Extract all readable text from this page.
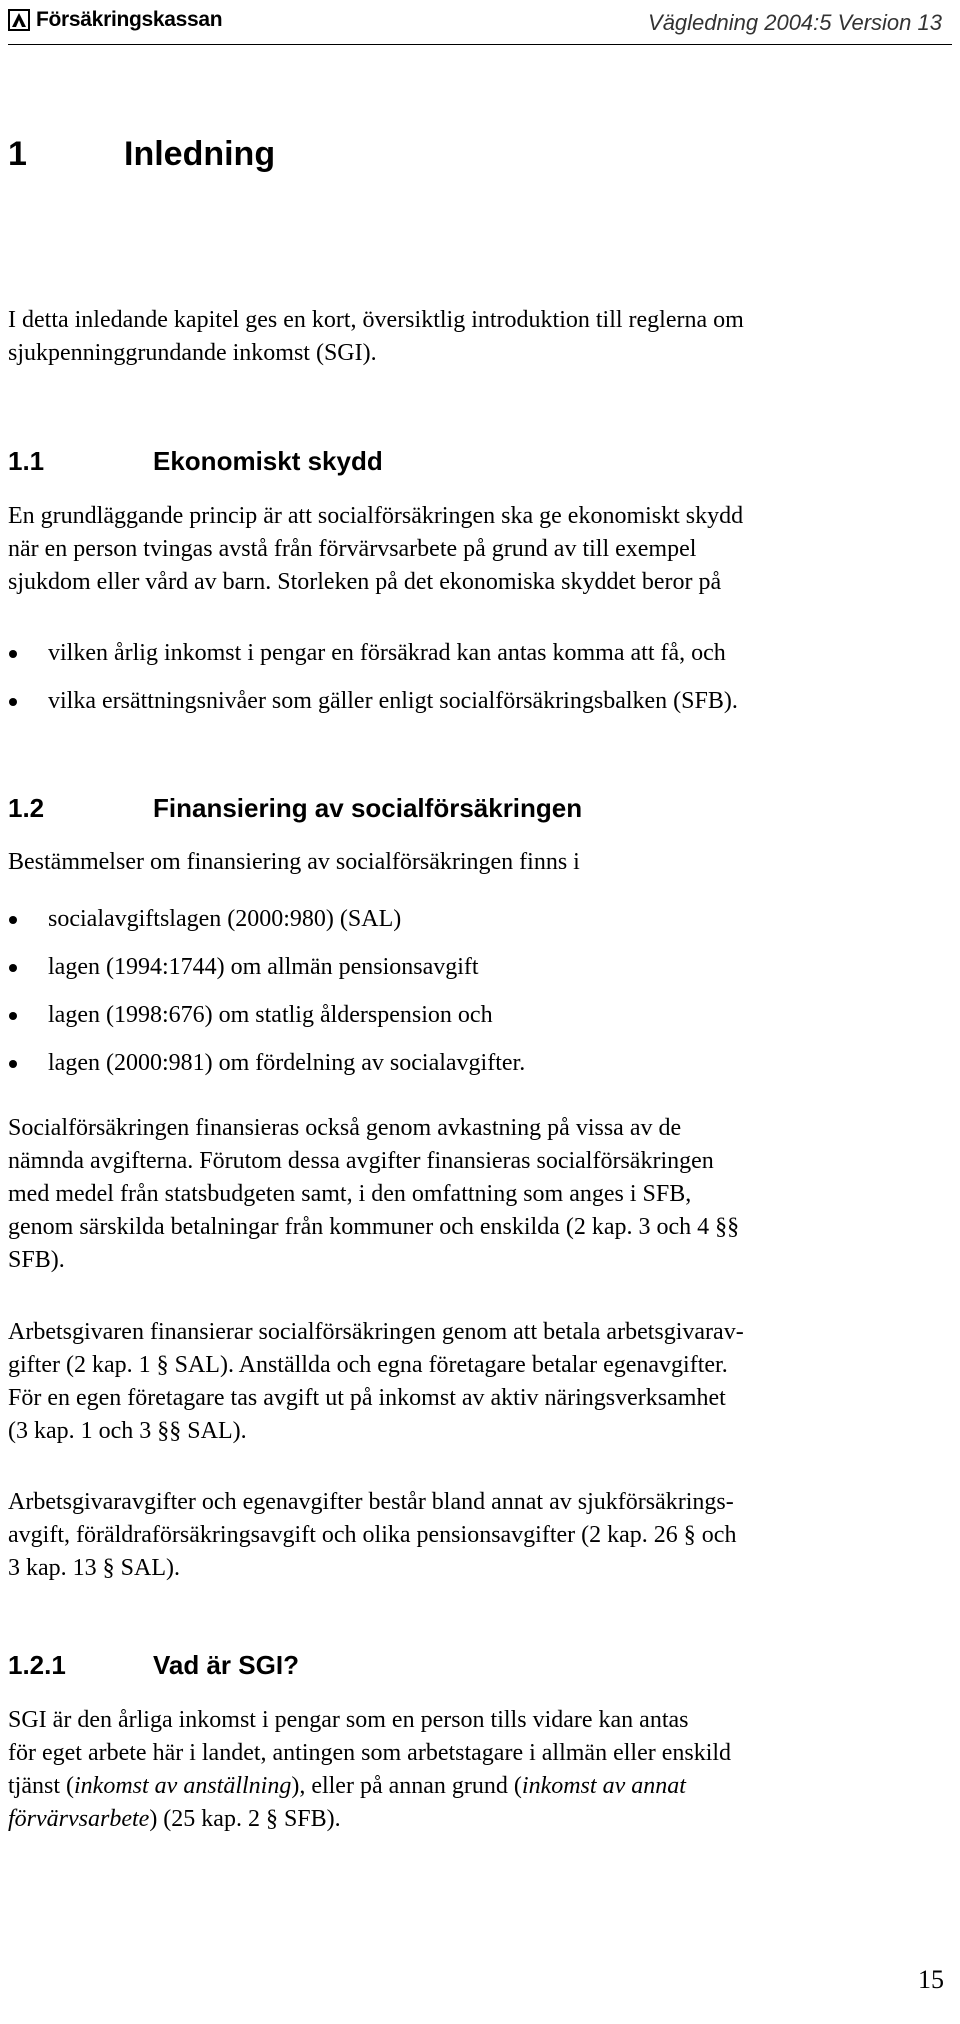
Försäkringskassan	Vägledning 2004:5 Version 13
1	Inledning

I detta inledande kapitel ges en kort, översiktlig introduktion till reglerna om sjukpenninggrundande inkomst (SGI).

1.1	Ekonomiskt skydd
En grundläggande princip är att socialförsäkringen ska ge ekonomiskt skydd
när en person tvingas avstå från förvärvsarbete på grund av till exempel
sjukdom eller vård av barn. Storleken på det ekonomiska skyddet beror på
vilken årlig inkomst i pengar en försäkrad kan antas komma att få, och
vilka ersättningsnivåer som gäller enligt socialförsäkringsbalken (SFB).
1.2	Finansiering av socialförsäkringen

Bestämmelser om finansiering av socialförsäkringen finns i

socialavgiftslagen (2000:980) (SAL)
lagen (1994:1744) om allmän pensionsavgift
lagen (1998:676) om statlig ålderspension och
lagen (2000:981) om fördelning av socialavgifter.
Socialförsäkringen finansieras också genom avkastning på vissa av de
nämnda avgifterna. Förutom dessa avgifter finansieras socialförsäkringen
med medel från statsbudgeten samt, i den omfattning som anges i SFB,
genom särskilda betalningar från kommuner och enskilda (2 kap. 3 och 4 §§
SFB).
Arbetsgivaren finansierar socialförsäkringen genom att betala arbetsgivarav-
gifter (2 kap. 1 § SAL). Anställda och egna företagare betalar egenavgifter.
För en egen företagare tas avgift ut på inkomst av aktiv näringsverksamhet
(3 kap. 1 och 3 §§ SAL).
Arbetsgivaravgifter och egenavgifter består bland annat av sjukförsäkrings-
avgift, föräldraförsäkringsavgift och olika pensionsavgifter (2 kap. 26 § och
3 kap. 13 § SAL).
1.2.1	Vad är SGI?
SGI är den årliga inkomst i pengar som en person tills vidare kan antas
för eget arbete här i landet, antingen som arbetstagare i allmän eller enskild
tjänst (inkomst av anställning), eller på annan grund (inkomst av annat
förvärvsarbete) (25 kap. 2 § SFB).
15
